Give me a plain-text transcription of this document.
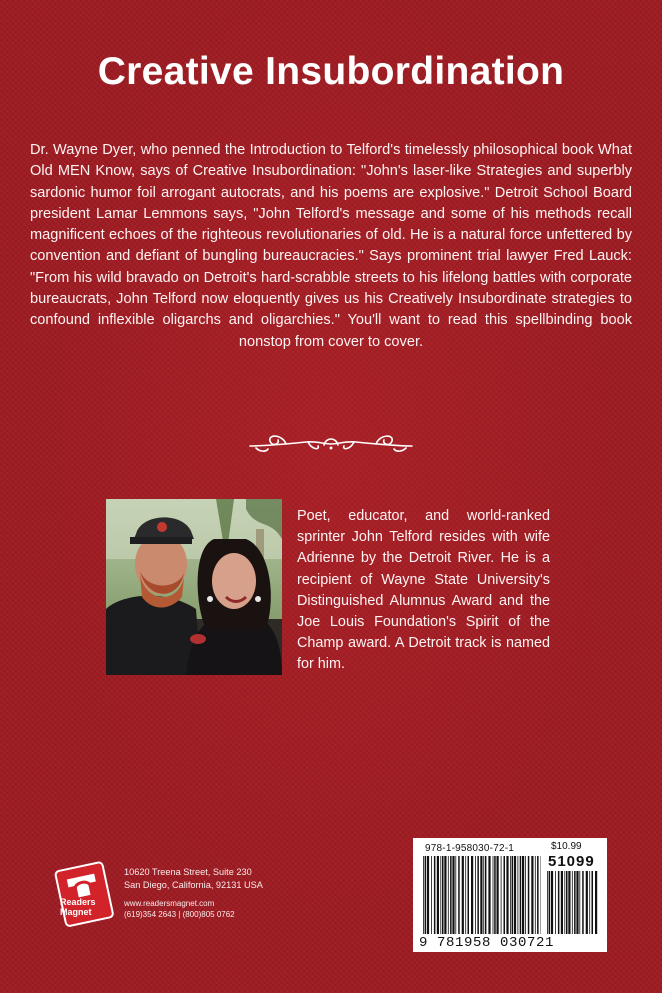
Creative Insubordination

Dr. Wayne Dyer, who penned the Introduction to Telford's timelessly philosophical book What Old MEN Know, says of Creative Insubordination: "John's laser-like Strategies and superbly sardonic humor foil arrogant autocrats, and his poems are explosive." Detroit School Board president Lamar Lemmons says, "John Telford's message and some of his methods recall magnificent echoes of the righteous revolutionaries of old. He is a natural force unfettered by convention and defiant of bungling bureaucracies." Says prominent trial lawyer Fred Lauck: "From his wild bravado on Detroit's hard-scrabble streets to his lifelong battles with corporate bureaucrats, John Telford now eloquently gives us his Creatively Insubordinate strategies to confound inflexible oligarchs and oligarchies." You'll want to read this spellbinding book nonstop from cover to cover.

Poet, educator, and world-ranked sprinter John Telford resides with wife Adrienne by the Detroit River. He is a recipient of Wayne State University's Distinguished Alumnus Award and the Joe Louis Foundation's Spirit of the Champ award. A Detroit track is named for him.

Readers
Magnet
10620 Treena Street, Suite 230
San Diego, California, 92131 USA
www.readersmagnet.com
(619)354 2643 | (800)805 0762
978-1-958030-72-1	$10.99
51099
9 781958 030721
